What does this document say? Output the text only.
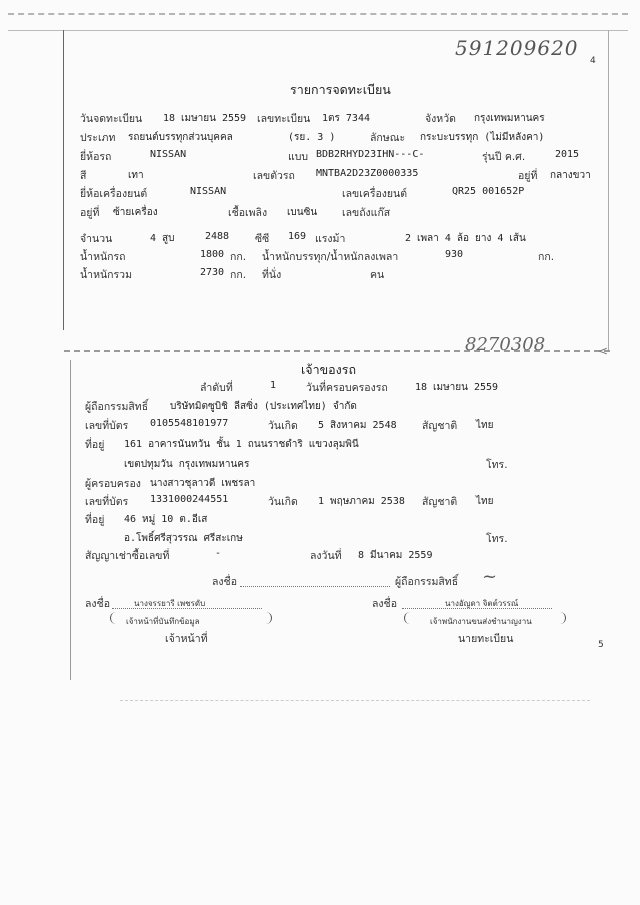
591209620
4
รายการจดทะเบียน
วันจดทะเบียน 18 เมษายน 2559 เลขทะเบียน 1ตร 7344	จังหวัด กรุงเทพมหานคร
ประเภท รถยนต์บรรทุกส่วนบุคคล	(รย. 3 )	ลักษณะ กระบะบรรทุก (ไม่มีหลังคา)
ยี่ห้อรถ	NISSAN	แบบ BDB2RHYD23IHN---C-	รุ่นปี ค.ศ.	2015
สี	เทา	เลขตัวรถ MNTBA2D23Z0000335	อยู่ที่ กลางขวา
ยี่ห้อเครื่องยนต์	NISSAN	เลขเครื่องยนต์	QR25 001652P
อยู่ที่ ซ้ายเครื่อง	เชื้อเพลิง เบนซิน เลขถังแก๊ส
จำนวน	4 สูบ	2488 ซีซี 169 แรงม้า	2 เพลา 4 ล้อ ยาง 4 เส้น
น้ำหนักรถ	1800 กก. น้ำหนักบรรทุก/น้ำหนักลงเพลา	930	กก.
น้ำหนักรวม	2730 กก. ที่นั่ง	คน
8270308	<
เจ้าของรถ
ลำดับที่	1	วันที่ครอบครองรถ	18 เมษายน 2559
ผู้ถือกรรมสิทธิ์ บริษัทมิตซูบิชิ ลีสซิ่ง (ประเทศไทย) จำกัด
เลขที่บัตร 0105548101977	วันเกิด 5 สิงหาคม 2548 สัญชาติ ไทย
ที่อยู่ 161 อาคารนันทวัน ชั้น 1 ถนนราชดำริ แขวงลุมพินี
เขตปทุมวัน กรุงเทพมหานคร	โทร.
ผู้ครอบครอง นางสาวชุลาวดี เพชรลา
เลขที่บัตร 1331000244551	วันเกิด 1 พฤษภาคม 2538 สัญชาติ ไทย
ที่อยู่ 46 หมู่ 10 ต.อีเส
อ.โพธิ์ศรีสุวรรณ ศรีสะเกษ	โทร.
สัญญาเช่าซื้อเลขที่	-	ลงวันที่ 8 มีนาคม 2559
ลงชื่อ	ผู้ถือกรรมสิทธิ์ ~
ลงชื่อ	นางจรรยารี เพชรดับ
เจ้าหน้าที่บันทึกข้อมูล
เจ้าหน้าที่
ลงชื่อ	นางอัญดา จิตต์วรรณ์
เจ้าพนักงานขนส่งชำนาญงาน
นายทะเบียน	5
